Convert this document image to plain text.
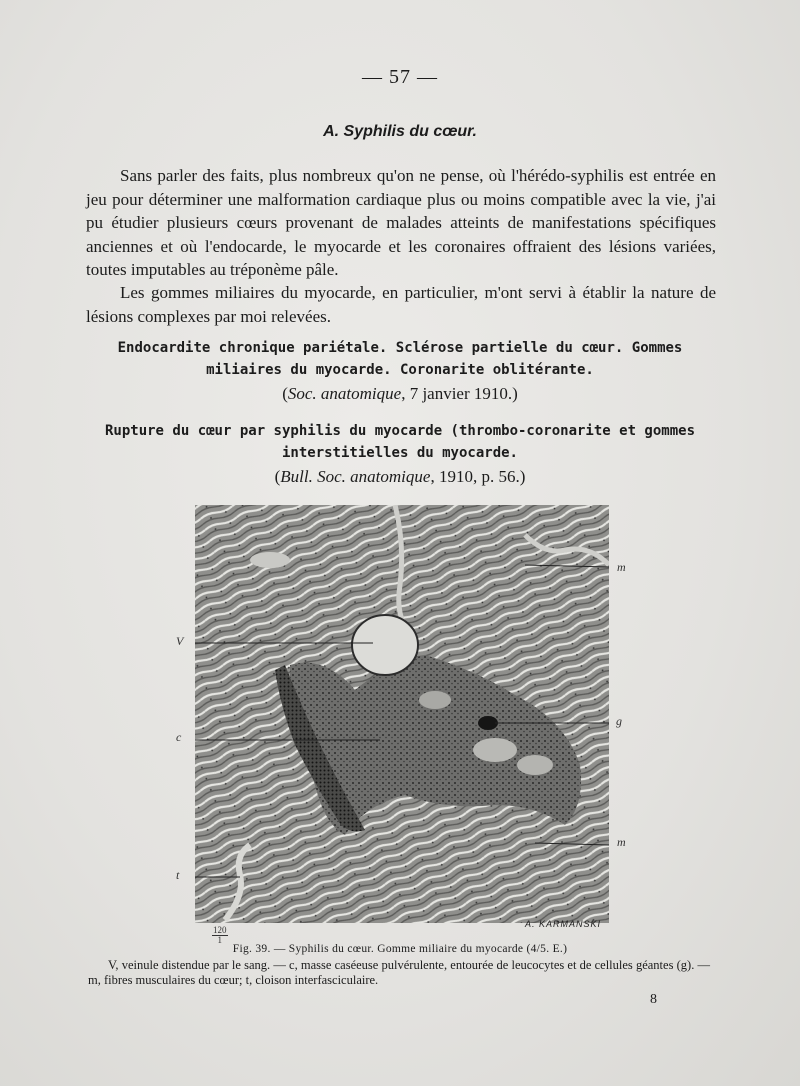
— 57 —
A. Syphilis du cœur.

Sans parler des faits, plus nombreux qu'on ne pense, où l'hérédo-syphilis est entrée en jeu pour déterminer une malformation cardiaque plus ou moins compatible avec la vie, j'ai pu étudier plusieurs cœurs provenant de malades atteints de manifestations spécifiques anciennes et où l'endocarde, le myocarde et les coronaires offraient des lésions variées, toutes imputables au tréponème pâle.

Les gommes miliaires du myocarde, en particulier, m'ont servi à établir la nature de lésions complexes par moi relevées.

Endocardite chronique pariétale. Sclérose partielle du cœur. Gommes miliaires du myocarde. Coronarite oblitérante.

(Soc. anatomique, 7 janvier 1910.)

Rupture du cœur par syphilis du myocarde (thrombo-coronarite et gommes interstitielles du myocarde.

(Bull. Soc. anatomique, 1910, p. 56.)
m
V
g
c
m
t
A. KARMANSKI
120
1
Fig. 39. — Syphilis du cœur. Gomme miliaire du myocarde (4/5. E.)

V, veinule distendue par le sang. — c, masse caséeuse pulvérulente, entourée de leucocytes et de cellules géantes (g). — m, fibres musculaires du cœur; t, cloison interfasciculaire.

8
